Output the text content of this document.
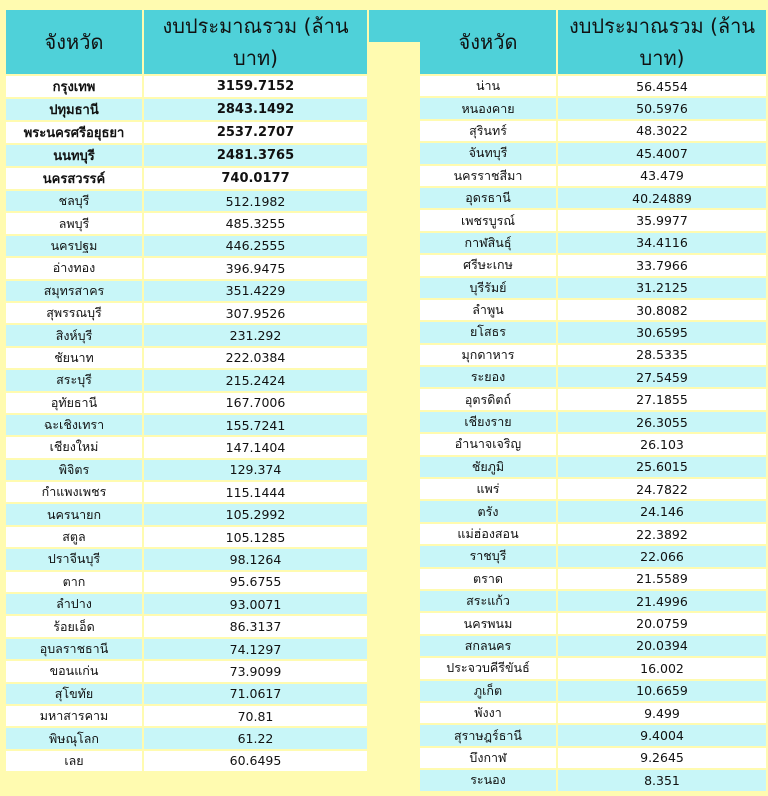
จังหวัด	งบประมาณรวม (ล้านบาท)
กรุงเทพ	3159.7152
ปทุมธานี	2843.1492
พระนครศรีอยุธยา	2537.2707
นนทบุรี	2481.3765
นครสวรรค์	740.0177
ชลบุรี	512.1982
ลพบุรี	485.3255
นครปฐม	446.2555
อ่างทอง	396.9475
สมุทรสาคร	351.4229
สุพรรณบุรี	307.9526
สิงห์บุรี	231.292
ชัยนาท	222.0384
สระบุรี	215.2424
อุทัยธานี	167.7006
ฉะเชิงเทรา	155.7241
เชียงใหม่	147.1404
พิจิตร	129.374
กำแพงเพชร	115.1444
นครนายก	105.2992
สตูล	105.1285
ปราจีนบุรี	98.1264
ตาก	95.6755
ลำปาง	93.0071
ร้อยเอ็ด	86.3137
อุบลราชธานี	74.1297
ขอนแก่น	73.9099
สุโขทัย	71.0617
มหาสารคาม	70.81
พิษณุโลก	61.22
เลย	60.6495

จังหวัด	งบประมาณรวม (ล้านบาท)
น่าน	56.4554
หนองคาย	50.5976
สุรินทร์	48.3022
จันทบุรี	45.4007
นครราชสีมา	43.479
อุดรธานี	40.24889
เพชรบูรณ์	35.9977
กาฬสินธุ์	34.4116
ศรีษะเกษ	33.7966
บุรีรัมย์	31.2125
ลำพูน	30.8082
ยโสธร	30.6595
มุกดาหาร	28.5335
ระยอง	27.5459
อุตรดิตถ์	27.1855
เชียงราย	26.3055
อำนาจเจริญ	26.103
ชัยภูมิ	25.6015
แพร่	24.7822
ตรัง	24.146
แม่ฮ่องสอน	22.3892
ราชบุรี	22.066
ตราด	21.5589
สระแก้ว	21.4996
นครพนม	20.0759
สกลนคร	20.0394
ประจวบคีรีขันธ์	16.002
ภูเก็ต	10.6659
พังงา	9.499
สุราษฎร์ธานี	9.4004
บึงกาฬ	9.2645
ระนอง	8.351
